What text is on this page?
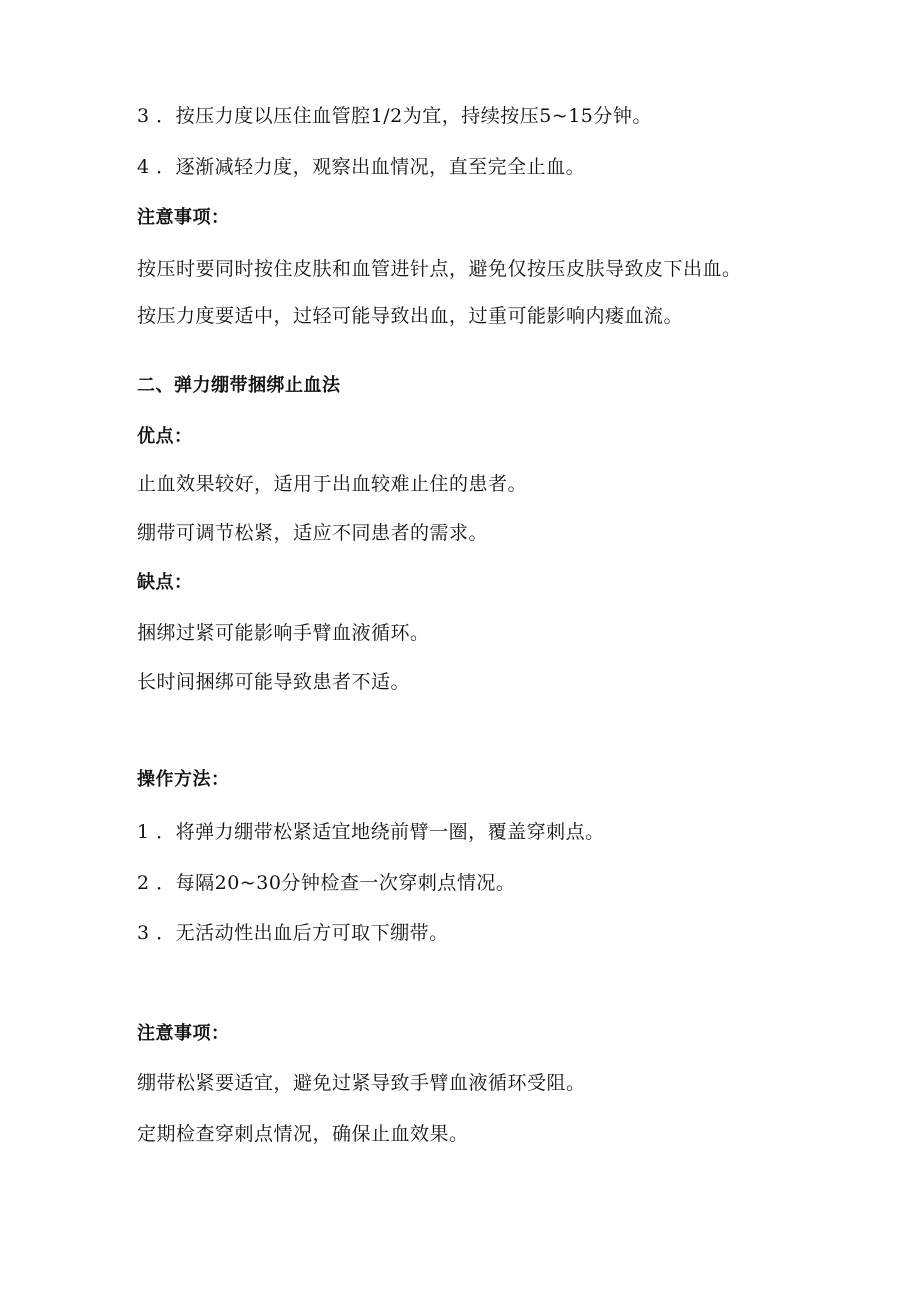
3 ．按压力度以压住血管腔1/2为宜，持续按压5~15分钟。
4 ．逐渐减轻力度，观察出血情况，直至完全止血。
注意事项：
按压时要同时按住皮肤和血管进针点，避免仅按压皮肤导致皮下出血。
按压力度要适中，过轻可能导致出血，过重可能影响内瘘血流。
二、弹力绷带捆绑止血法
优点：
止血效果较好，适用于出血较难止住的患者。
绷带可调节松紧，适应不同患者的需求。
缺点：
捆绑过紧可能影响手臂血液循环。
长时间捆绑可能导致患者不适。
操作方法：
1 ．将弹力绷带松紧适宜地绕前臂一圈，覆盖穿刺点。
2 ．每隔20~30分钟检查一次穿刺点情况。
3 ．无活动性出血后方可取下绷带。
注意事项：
绷带松紧要适宜，避免过紧导致手臂血液循环受阻。
定期检查穿刺点情况，确保止血效果。
